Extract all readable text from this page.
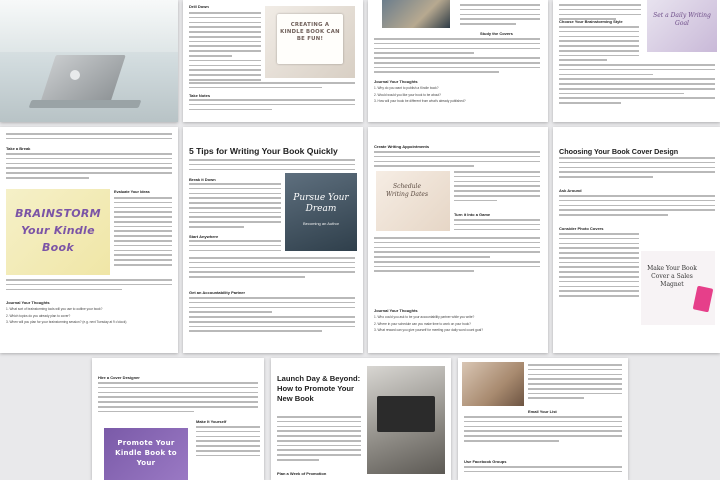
Drill Down
CREATING A KINDLE BOOK CAN BE FUN!
Take Notes
Study the Covers
Journal Your Thoughts
1. Why do you want to publish a Kindle book?
2. Would would you like your book to be about?
3. How will your book be different from what's already published?
Choose Your Brainstorming Style
Set a Daily Writing Goal
Take a Break
BRAINSTORM Your Kindle Book
Evaluate Your Ideas
Journal Your Thoughts
1. What sort of brainstorming tools will you use to outline your book?
2. Which topics do you already plan to cover?
3. When will you plan for your brainstorming session? (e.g. next Tuesday at 9 o'clock)
5 Tips for Writing Your Book Quickly
Break it Down
Pursue Your Dream
Becoming an Author
Start Anywhere
Get an Accountability Partner
Create Writing Appointments
Schedule Writing Dates
Turn it Into a Game
Journal Your Thoughts
1. Who could you ask to be your accountability partner while you write?
2. Where in your schedule can you make time to work on your book?
3. What reward can you give yourself for meeting your daily word count goal?
Choosing Your Book Cover Design
Ask Around
Consider Photo Covers
Make Your Book Cover a Sales Magnet
Hire a Cover Designer
Make It Yourself
Promote Your Kindle Book to Your
Launch Day & Beyond: How to Promote Your New Book
Plan a Week of Promotion
Email Your List
Use Facebook Groups
